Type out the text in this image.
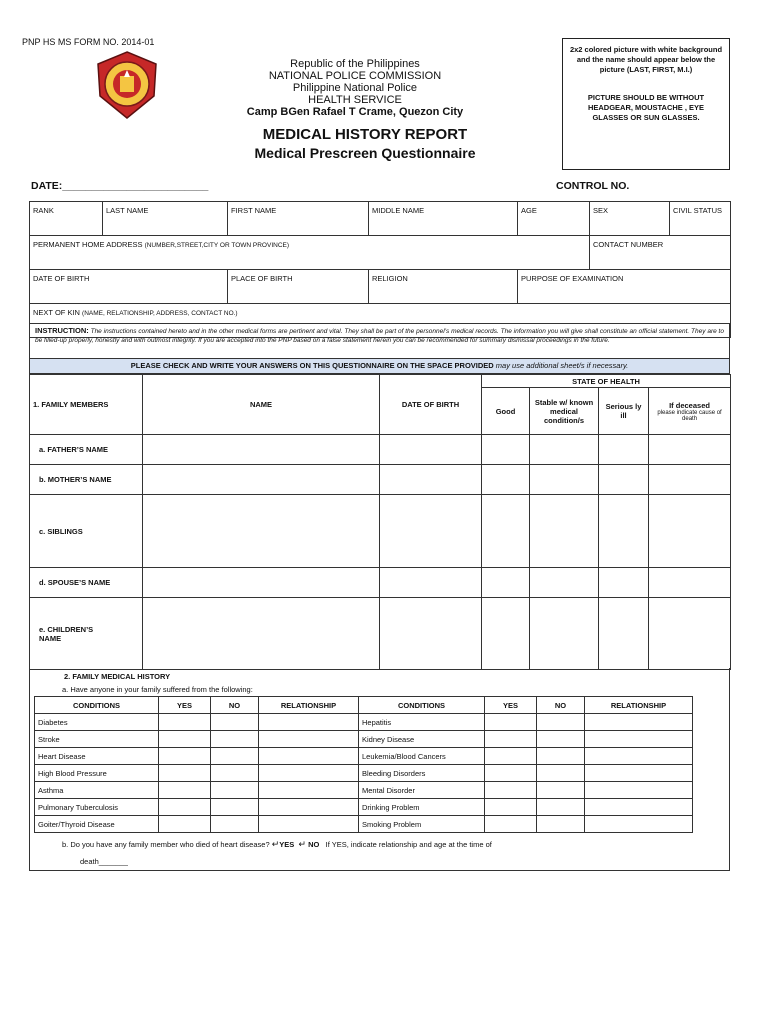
PNP HS MS FORM NO. 2014-01
Republic of the Philippines
NATIONAL POLICE COMMISSION
Philippine National Police
HEALTH SERVICE
Camp BGen Rafael T Crame, Quezon City
MEDICAL HISTORY REPORT
Medical Prescreen Questionnaire
2x2 colored picture with white background and the name should appear below the picture (LAST, FIRST, M.I.)
PICTURE SHOULD BE WITHOUT HEADGEAR, MOUSTACHE , EYE GLASSES OR SUN GLASSES.
DATE:_________________________	CONTROL NO.
RANK	LAST NAME	FIRST NAME	MIDDLE NAME	AGE	SEX	CIVIL STATUS
PERMANENT HOME ADDRESS (NUMBER,STREET,CITY OR TOWN PROVINCE)					CONTACT NUMBER	
DATE OF BIRTH		PLACE OF BIRTH	RELIGION	PURPOSE OF EXAMINATION		
NEXT OF KIN (NAME, RELATIONSHIP, ADDRESS, CONTACT NO.)						
INSTRUCTION: The instructions contained hereto and in the other medical forms are pertinent and vital. They shall be part of the personnel’s medical records. The information you will give shall constitute an official statement. They are to be filled-up properly, honestly and with outmost integrity. If you are accepted into the PNP based on a false statement herein you can be recommended for summary dismissal proceedings in the future.
PLEASE CHECK AND WRITE YOUR ANSWERS ON THIS QUESTIONNAIRE ON THE SPACE PROVIDED may use additional sheet/s if necessary.
1. FAMILY MEMBERS	NAME	DATE OF BIRTH	STATE OF HEALTH			
			Good	Stable w/ known medical condition/s	Serious ly ill	If deceased
please indicate cause of death

a. FATHER’S NAME						
b. MOTHER’S NAME						
c. SIBLINGS						
d. SPOUSE’S NAME						
e. CHILDREN’S NAME						
2. FAMILY MEDICAL HISTORY
a. Have anyone in your family suffered from the following:
CONDITIONS	YES	NO	RELATIONSHIP	CONDITIONS	YES	NO	RELATIONSHIP
Diabetes				Hepatitis			
Stroke				Kidney Disease			
Heart Disease				Leukemia/Blood Cancers			
High Blood Pressure				Bleeding Disorders			
Asthma				Mental Disorder			
Pulmonary Tuberculosis				Drinking Problem			
Goiter/Thyroid Disease				Smoking Problem			
b. Do you have any family member who died of heart disease? ↵YES ↵ NO If YES, indicate relationship and age at the time of
death_______
